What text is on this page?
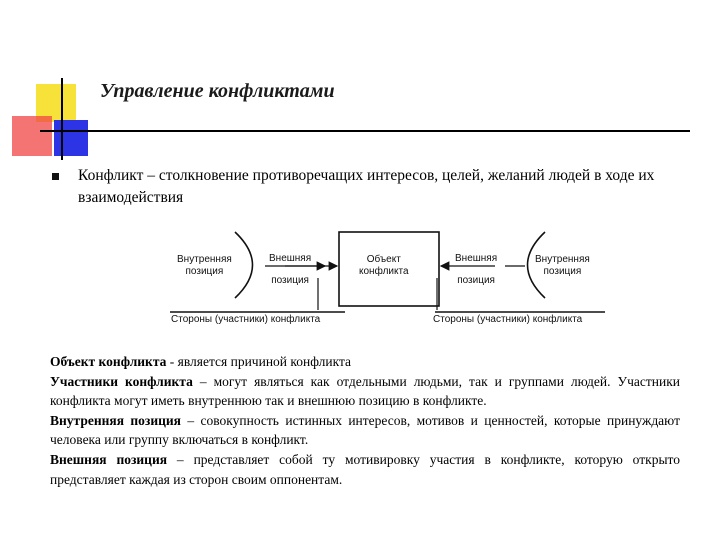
Управление конфликтами
Конфликт – столкновение противоречащих интересов, целей, желаний людей в ходе их взаимодействия
Внутренняя
позиция
Внешняя
позиция
Объект
конфликта
Внешняя
позиция
Внутренняя
позиция
Стороны (участники) конфликта	Стороны (участники) конфликта

Объект конфликта - является причиной конфликта

Участники конфликта – могут являться как отдельными людьми, так и группами людей. Участники конфликта могут иметь внутреннюю так и внешнюю позицию в конфликте.

Внутренняя позиция – совокупность истинных интересов, мотивов и ценностей, которые принуждают человека или группу включаться в конфликт.

Внешняя позиция – представляет собой ту мотивировку участия в конфликте, которую открыто представляет каждая из сторон своим оппонентам.
